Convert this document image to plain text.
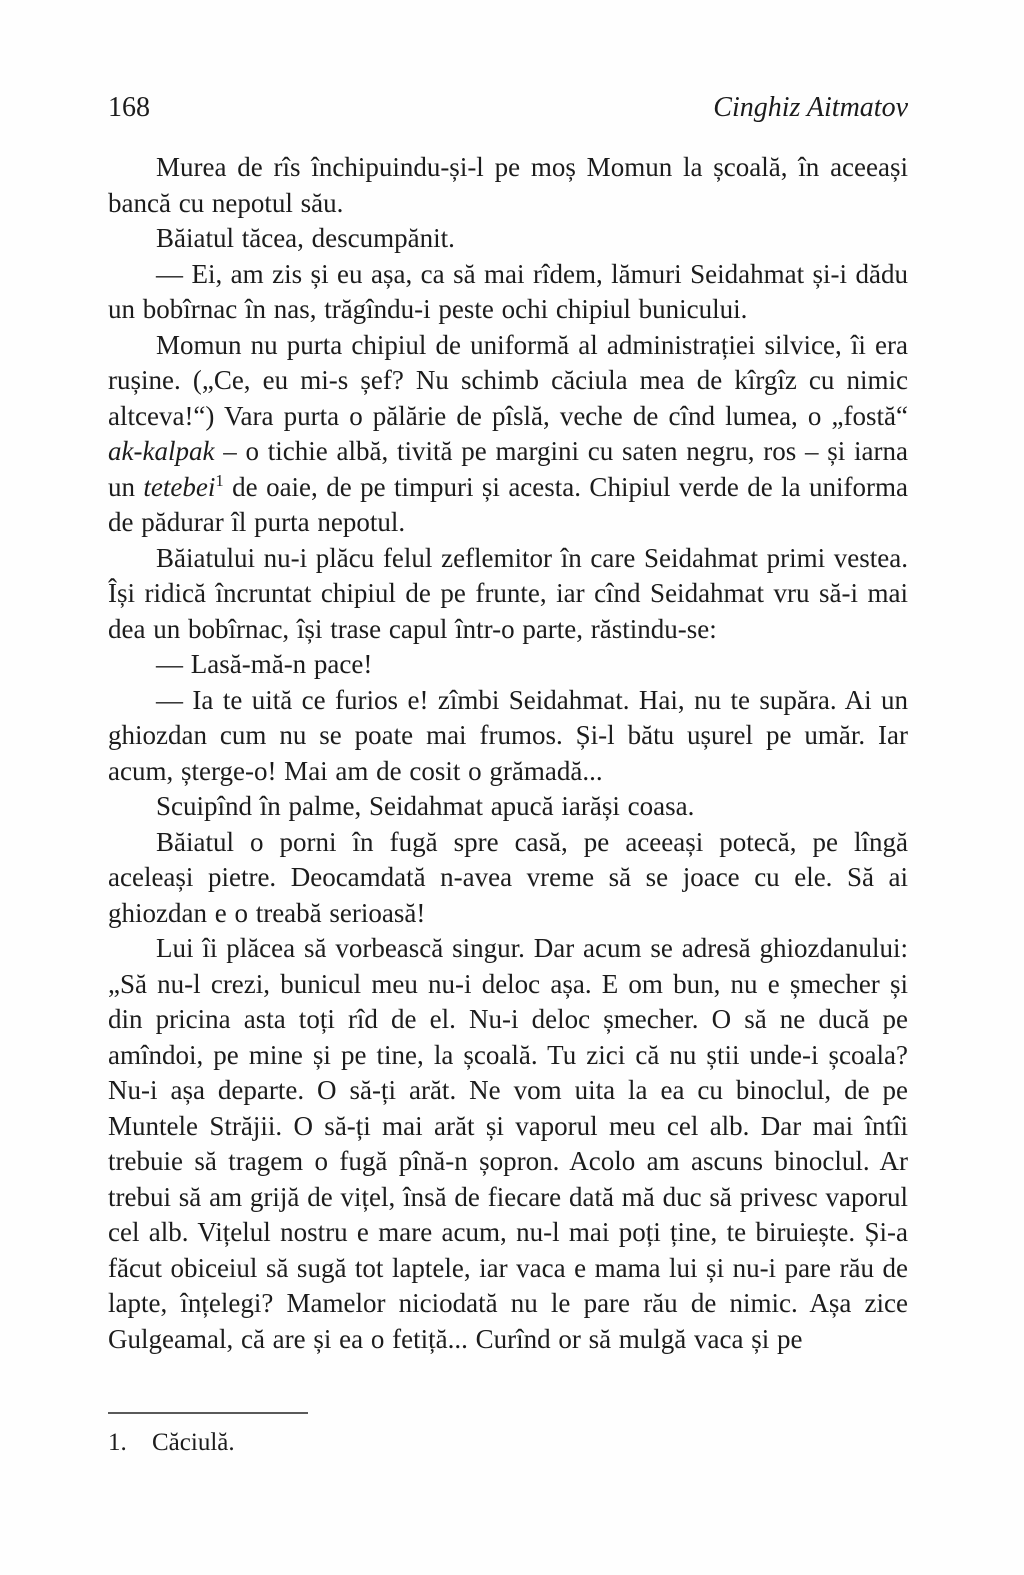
168	Cinghiz Aitmatov

Murea de rîs închipuindu-și-l pe moș Momun la școală, în aceeași bancă cu nepotul său.

Băiatul tăcea, descumpănit.

— Ei, am zis și eu așa, ca să mai rîdem, lămuri Seidahmat și-i dădu un bobîrnac în nas, trăgîndu-i peste ochi chipiul bunicului.

Momun nu purta chipiul de uniformă al administrației silvice, îi era rușine. („Ce, eu mi-s șef? Nu schimb căciula mea de kîrgîz cu nimic altceva!“) Vara purta o pălărie de pîslă, veche de cînd lumea, o „fostă“ ak-kalpak – o tichie albă, tivită pe margini cu saten negru, ros – și iarna un tetebei$^1$ de oaie, de pe timpuri și acesta. Chipiul verde de la uniforma de pădurar îl purta nepotul.

Băiatului nu-i plăcu felul zeflemitor în care Seidahmat primi vestea. Își ridică încruntat chipiul de pe frunte, iar cînd Seidahmat vru să-i mai dea un bobîrnac, își trase capul într-o parte, răstindu-se:

— Lasă-mă-n pace!

— Ia te uită ce furios e! zîmbi Seidahmat. Hai, nu te supăra. Ai un ghiozdan cum nu se poate mai frumos. Și-l bătu ușurel pe umăr. Iar acum, șterge-o! Mai am de cosit o grămadă...

Scuipînd în palme, Seidahmat apucă iarăși coasa.

Băiatul o porni în fugă spre casă, pe aceeași potecă, pe lîngă aceleași pietre. Deocamdată n-avea vreme să se joace cu ele. Să ai ghiozdan e o treabă serioasă!

Lui îi plăcea să vorbească singur. Dar acum se adresă ghiozdanului: „Să nu-l crezi, bunicul meu nu-i deloc așa. E om bun, nu e șmecher și din pricina asta toți rîd de el. Nu-i deloc șmecher. O să ne ducă pe amîndoi, pe mine și pe tine, la școală. Tu zici că nu știi unde-i școala? Nu-i așa departe. O să-ți arăt. Ne vom uita la ea cu binoclul, de pe Muntele Străjii. O să-ți mai arăt și vaporul meu cel alb. Dar mai întîi trebuie să tragem o fugă pînă-n șopron. Acolo am ascuns binoclul. Ar trebui să am grijă de vițel, însă de fiecare dată mă duc să privesc vaporul cel alb. Vițelul nostru e mare acum, nu-l mai poți ține, te biruiește. Și-a făcut obiceiul să sugă tot laptele, iar vaca e mama lui și nu-i pare rău de lapte, înțelegi? Mamelor niciodată nu le pare rău de nimic. Așa zice Gulgeamal, că are și ea o fetiță... Curînd or să mulgă vaca și pe

1. Căciulă.
